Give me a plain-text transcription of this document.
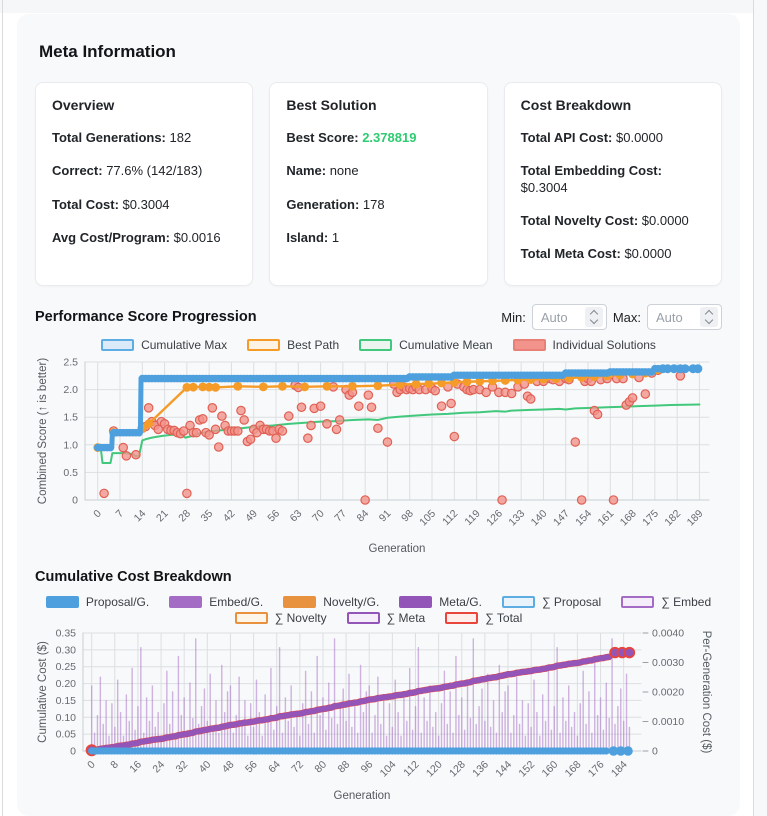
Meta Information
Overview

Total Generations: 182

Correct: 77.6% (142/183)

Total Cost: $0.3004

Avg Cost/Program: $0.0016

Best Solution

Best Score: 2.378819

Name: none

Generation: 178

Island: 1

Cost Breakdown

Total API Cost: $0.0000

Total Embedding Cost: $0.3004

Total Novelty Cost: $0.0000

Total Meta Cost: $0.0000

Performance Score Progression	Min:
Auto	Max:
Auto
Cumulative Max	Best Path	Cumulative Mean	Individual Solutions
0
0.5
1.0
1.5
2.0
2.5
0 7 14 21 28 35 42 49 56 63 70 77 84 91 98 105 112 119 126 133 140 147 154 161 168 175 182 189
Combined Score (↑ is better)
Generation
Cumulative Cost Breakdown
Proposal/G.	Embed/G.	Novelty/G.	Meta/G.	∑ Proposal	∑ Embed
∑ Novelty	∑ Meta	∑ Total
0
0.05
0.10
0.15
0.20
0.25
0.30
0.35
0 8 16 24 32 40 48 56 64 72 80 88 96 104 112 120 128 136 144 152 160 168 176 184
0
0.0010
0.0020
0.0030
0.0040
Cumulative Cost ($)	Per-Generation Cost ($)
Generation
